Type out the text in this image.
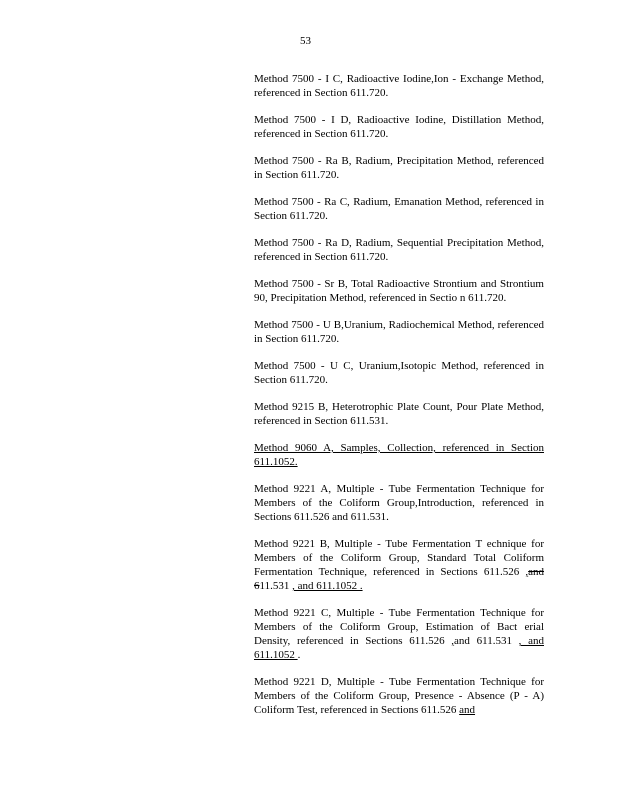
53

Method 7500 - I C, Radioactive Iodine,Ion - Exchange Method, referenced in Section 611.720.

Method 7500 - I D, Radioactive Iodine, Distillation Method, referenced in Section 611.720.

Method 7500 - Ra B, Radium, Precipitation Method, referenced in Section 611.720.

Method 7500 - Ra C, Radium, Emanation Method, referenced in Section 611.720.

Method 7500 - Ra D, Radium, Sequential Precipitation Method, referenced in Section 611.720.

Method 7500 - Sr B, Total Radioactive Strontium and Strontium 90, Precipitation Method, referenced in Sectio n 611.720.

Method 7500 - U B,Uranium, Radiochemical Method, referenced in Section 611.720.

Method 7500 - U C, Uranium,Isotopic Method, referenced in Section 611.720.

Method 9215 B, Heterotrophic Plate Count, Pour Plate Method, referenced in Section 611.531.

Method 9060 A, Samples, Collection, referenced in Section 611.1052.

Method 9221 A, Multiple - Tube Fermentation Technique for Members of the Coliform Group,Introduction, referenced in Sections 611.526 and 611.531.

Method 9221 B, Multiple - Tube Fermentation T echnique for Members of the Coliform Group, Standard Total Coliform Fermentation Technique, referenced in Sections 611.526 ,and 611.531 , and 611.1052 .

Method 9221 C, Multiple - Tube Fermentation Technique for Members of the Coliform Group, Estimation of Bact erial Density, referenced in Sections 611.526 ,and 611.531 , and 611.1052 .

Method 9221 D, Multiple - Tube Fermentation Technique for Members of the Coliform Group, Presence - Absence (P - A) Coliform Test, referenced in Sections 611.526 and
